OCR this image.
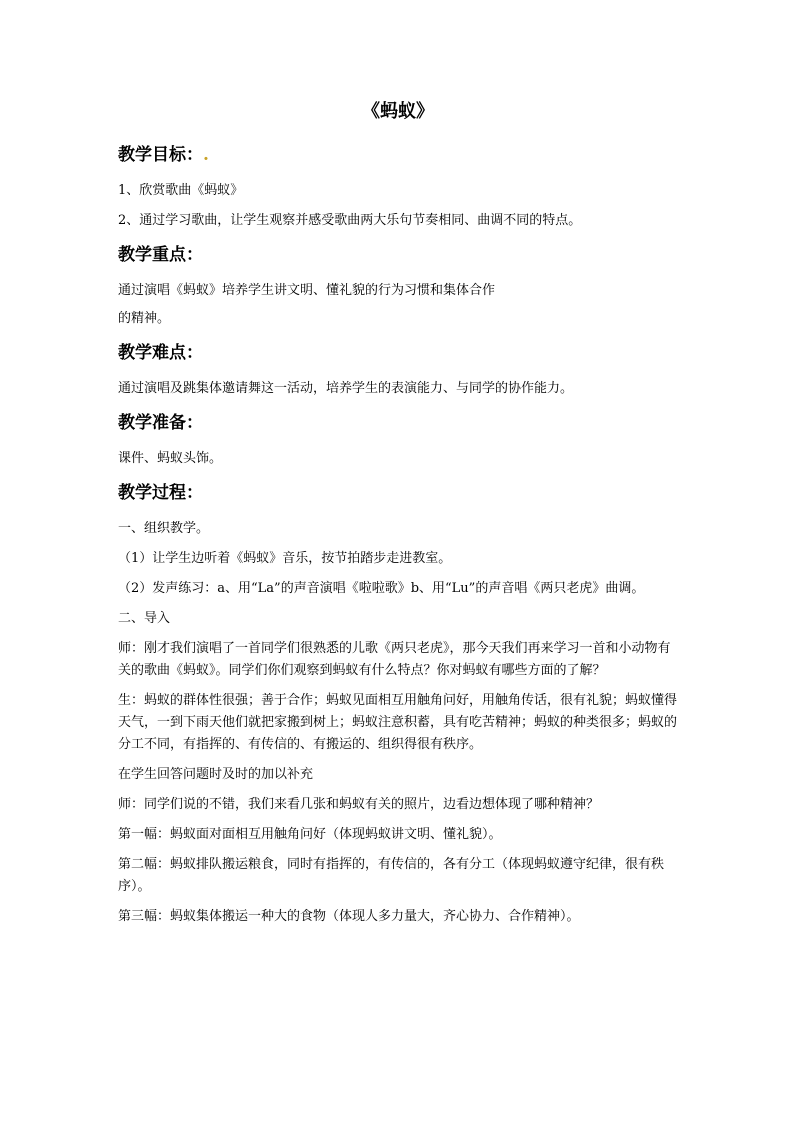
《蚂蚁》
教学目标：.
1、欣赏歌曲《蚂蚁》
2、通过学习歌曲，让学生观察并感受歌曲两大乐句节奏相同、曲调不同的特点。
教学重点：
通过演唱《蚂蚁》培养学生讲文明、懂礼貌的行为习惯和集体合作
的精神。
教学难点：
通过演唱及跳集体邀请舞这一活动，培养学生的表演能力、与同学的协作能力。
教学准备：
课件、蚂蚁头饰。
教学过程：
一、组织教学。
（1）让学生边听着《蚂蚁》音乐，按节拍踏步走进教室。
（2）发声练习：a、用“La”的声音演唱《啦啦歌》b、用“Lu”的声音唱《两只老虎》曲调。
二、导入
师：刚才我们演唱了一首同学们很熟悉的儿歌《两只老虎》，那今天我们再来学习一首和小动物有关的歌曲《蚂蚁》。同学们你们观察到蚂蚁有什么特点？你对蚂蚁有哪些方面的了解？
生：蚂蚁的群体性很强；善于合作；蚂蚁见面相互用触角问好，用触角传话，很有礼貌；蚂蚁懂得天气，一到下雨天他们就把家搬到树上；蚂蚁注意积蓄，具有吃苦精神；蚂蚁的种类很多；蚂蚁的分工不同，有指挥的、有传信的、有搬运的、组织得很有秩序。
在学生回答问题时及时的加以补充
师：同学们说的不错，我们来看几张和蚂蚁有关的照片，边看边想体现了哪种精神？
第一幅：蚂蚁面对面相互用触角问好（体现蚂蚁讲文明、懂礼貌）。
第二幅：蚂蚁排队搬运粮食，同时有指挥的，有传信的，各有分工（体现蚂蚁遵守纪律，很有秩序）。
第三幅：蚂蚁集体搬运一种大的食物（体现人多力量大，齐心协力、合作精神）。
